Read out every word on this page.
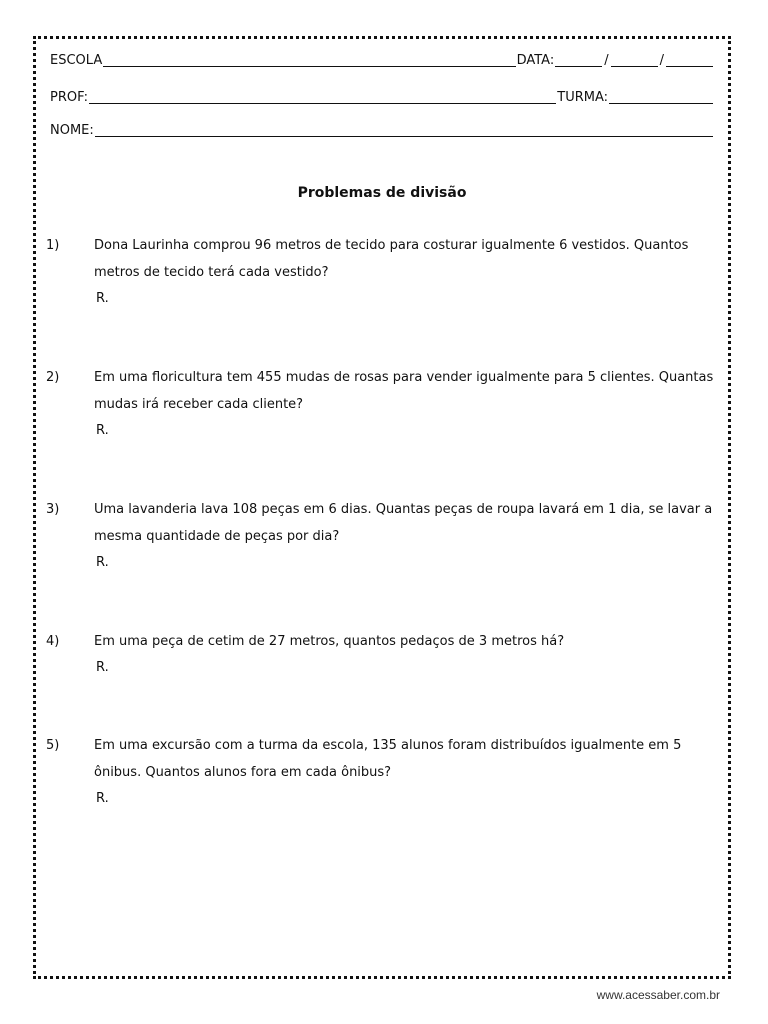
ESCOLA	DATA:	/	/
PROF:	TURMA:
NOME:
Problemas de divisão
1)	Dona Laurinha comprou 96 metros de tecido para costurar igualmente 6 vestidos. Quantos metros de tecido terá cada vestido?
R.
2)	Em uma floricultura tem 455 mudas de rosas para vender igualmente para 5 clientes. Quantas mudas irá receber cada cliente?
R.
3)	Uma lavanderia lava 108 peças em 6 dias. Quantas peças de roupa lavará em 1 dia, se lavar a mesma quantidade de peças por dia?
R.
4)	Em uma peça de cetim de 27 metros, quantos pedaços de 3 metros há?
R.
5)	Em uma excursão com a turma da escola, 135 alunos foram distribuídos igualmente em 5 ônibus. Quantos alunos fora em cada ônibus?
R.
www.acessaber.com.br
